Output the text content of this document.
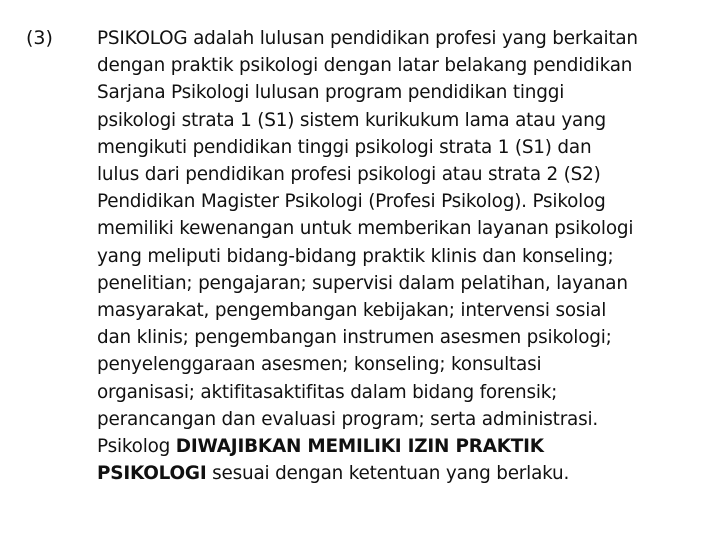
(3) PSIKOLOG adalah lulusan pendidikan profesi yang berkaitan
dengan praktik psikologi dengan latar belakang pendidikan
Sarjana Psikologi lulusan program pendidikan tinggi
psikologi strata 1 (S1) sistem kurikukum lama atau yang
mengikuti pendidikan tinggi psikologi strata 1 (S1) dan
lulus dari pendidikan profesi psikologi atau strata 2 (S2)
Pendidikan Magister Psikologi (Profesi Psikolog). Psikolog
memiliki kewenangan untuk memberikan layanan psikologi
yang meliputi bidang-bidang praktik klinis dan konseling;
penelitian; pengajaran; supervisi dalam pelatihan, layanan
masyarakat, pengembangan kebijakan; intervensi sosial
dan klinis; pengembangan instrumen asesmen psikologi;
penyelenggaraan asesmen; konseling; konsultasi
organisasi; aktifitasaktifitas dalam bidang forensik;
perancangan dan evaluasi program; serta administrasi.
Psikolog DIWAJIBKAN MEMILIKI IZIN PRAKTIK
PSIKOLOGI sesuai dengan ketentuan yang berlaku.
